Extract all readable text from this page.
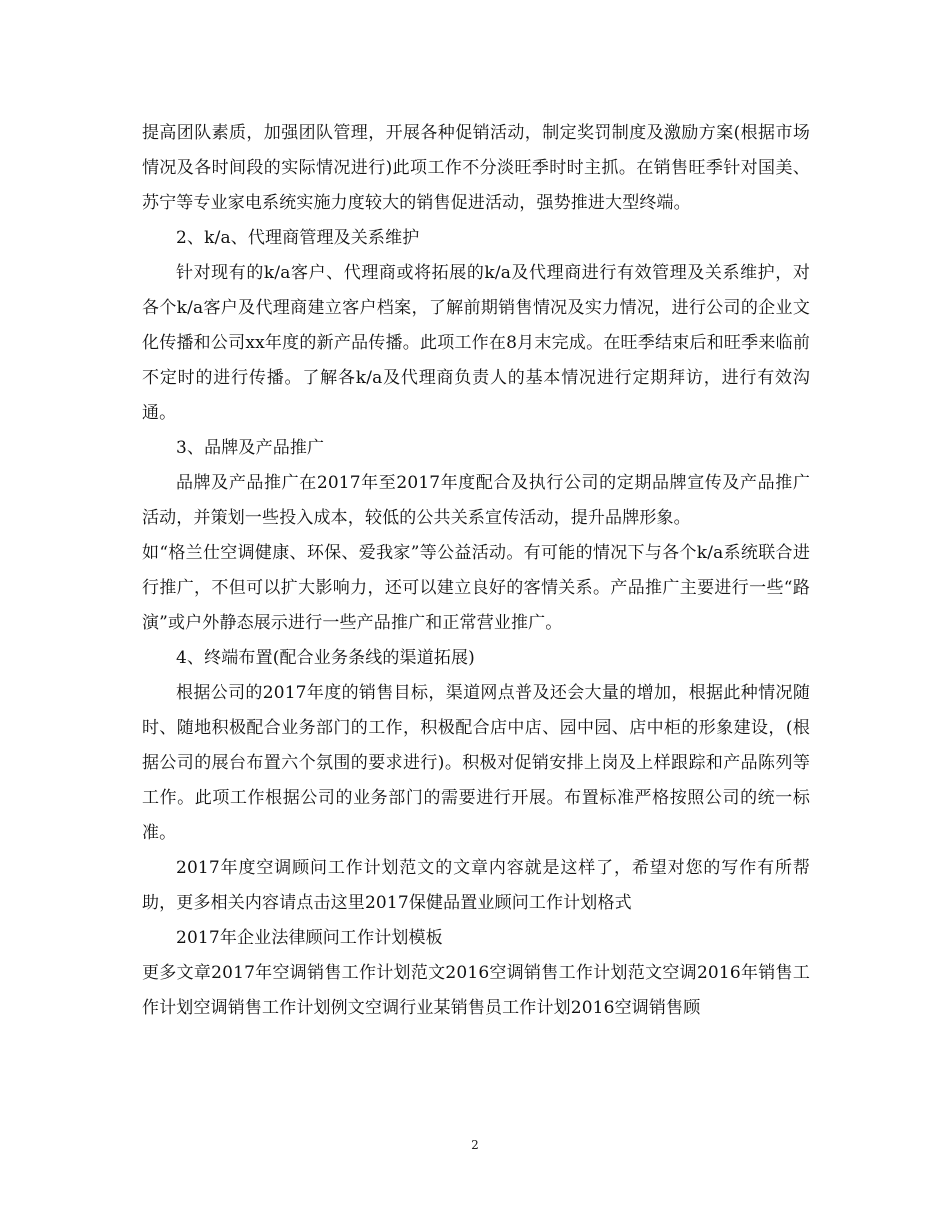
提高团队素质，加强团队管理，开展各种促销活动，制定奖罚制度及激励方案(根据市场情况及各时间段的实际情况进行)此项工作不分淡旺季时时主抓。在销售旺季针对国美、苏宁等专业家电系统实施力度较大的销售促进活动，强势推进大型终端。

2、k/a、代理商管理及关系维护

针对现有的k/a客户、代理商或将拓展的k/a及代理商进行有效管理及关系维护，对各个k/a客户及代理商建立客户档案，了解前期销售情况及实力情况，进行公司的企业文化传播和公司xx年度的新产品传播。此项工作在8月末完成。在旺季结束后和旺季来临前不定时的进行传播。了解各k/a及代理商负责人的基本情况进行定期拜访，进行有效沟通。

3、品牌及产品推广

品牌及产品推广在2017年至2017年度配合及执行公司的定期品牌宣传及产品推广活动，并策划一些投入成本，较低的公共关系宣传活动，提升品牌形象。

如“格兰仕空调健康、环保、爱我家”等公益活动。有可能的情况下与各个k/a系统联合进行推广，不但可以扩大影响力，还可以建立良好的客情关系。产品推广主要进行一些“路演”或户外静态展示进行一些产品推广和正常营业推广。

4、终端布置(配合业务条线的渠道拓展)

根据公司的2017年度的销售目标，渠道网点普及还会大量的增加，根据此种情况随时、随地积极配合业务部门的工作，积极配合店中店、园中园、店中柜的形象建设，(根据公司的展台布置六个氛围的要求进行)。积极对促销安排上岗及上样跟踪和产品陈列等工作。此项工作根据公司的业务部门的需要进行开展。布置标准严格按照公司的统一标准。

2017年度空调顾问工作计划范文的文章内容就是这样了，希望对您的写作有所帮助，更多相关内容请点击这里2017保健品置业顾问工作计划格式

2017年企业法律顾问工作计划模板

更多文章2017年空调销售工作计划范文2016空调销售工作计划范文空调2016年销售工作计划空调销售工作计划例文空调行业某销售员工作计划2016空调销售顾

2
